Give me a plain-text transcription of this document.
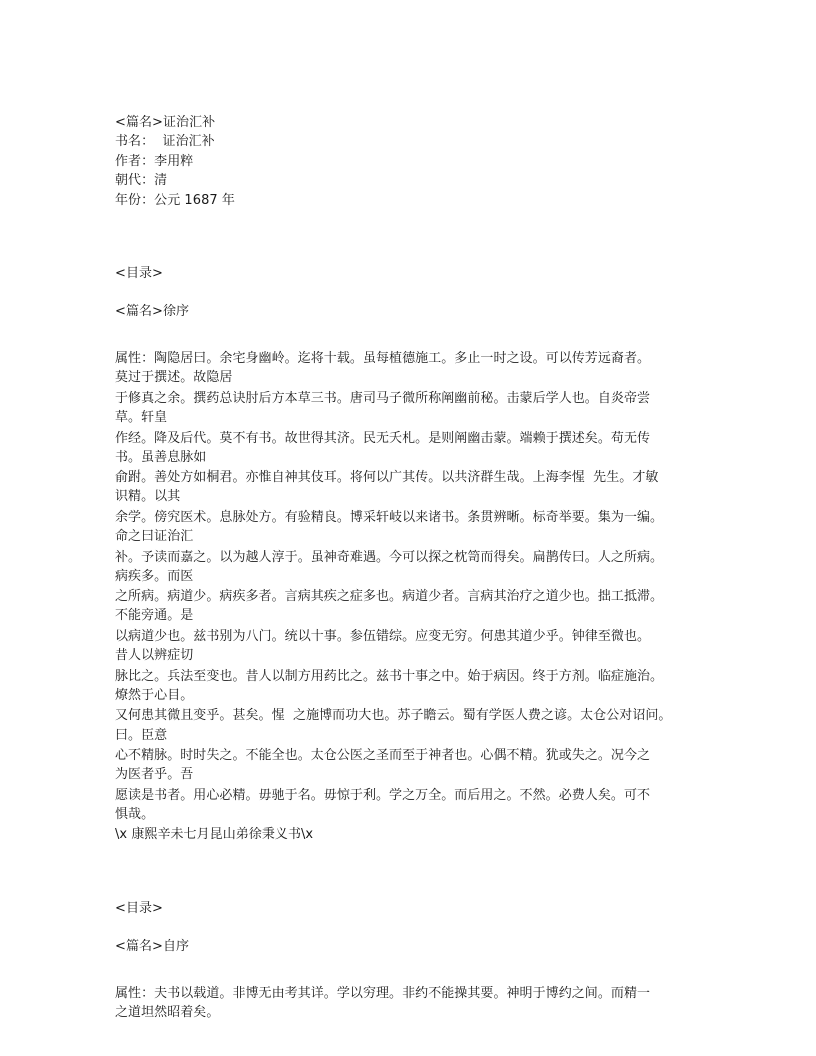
<篇名>证治汇补
书名：  证治汇补
作者：李用粹
朝代：清
年份：公元 1687 年
<目录>
<篇名>徐序
属性：陶隐居曰。余宅身幽岭。迄将十载。虽每植德施工。多止一时之设。可以传芳远裔者。
莫过于撰述。故隐居
于修真之余。撰药总诀肘后方本草三书。唐司马子微所称阐幽前秘。击蒙后学人也。自炎帝尝
草。轩皇
作经。降及后代。莫不有书。故世得其济。民无夭札。是则阐幽击蒙。端赖于撰述矣。苟无传
书。虽善息脉如
俞跗。善处方如桐君。亦惟自神其伎耳。将何以广其传。以共济群生哉。上海李惺  先生。才敏
识精。以其
余学。傍究医术。息脉处方。有验精良。博采轩岐以来诸书。条贯辨晰。标奇举要。集为一编。
命之曰证治汇
补。予读而嘉之。以为越人淳于。虽神奇难遇。今可以探之枕笥而得矣。扁鹊传曰。人之所病。
病疾多。而医
之所病。病道少。病疾多者。言病其疾之症多也。病道少者。言病其治疗之道少也。拙工抵滞。
不能旁通。是
以病道少也。兹书别为八门。统以十事。参伍错综。应变无穷。何患其道少乎。钟律至微也。
昔人以辨症切
脉比之。兵法至变也。昔人以制方用药比之。兹书十事之中。始于病因。终于方剂。临症施治。
燎然于心目。
又何患其微且变乎。甚矣。惺  之施博而功大也。苏子瞻云。蜀有学医人费之谚。太仓公对诏问。
曰。臣意
心不精脉。时时失之。不能全也。太仓公医之圣而至于神者也。心偶不精。犹或失之。况今之
为医者乎。吾
愿读是书者。用心必精。毋驰于名。毋惊于利。学之万全。而后用之。不然。必费人矣。可不
惧哉。
\x 康熙辛未七月昆山弟徐秉义书\x
<目录>
<篇名>自序
属性：夫书以载道。非博无由考其详。学以穷理。非约不能操其要。神明于博约之间。而精一
之道坦然昭着矣。
